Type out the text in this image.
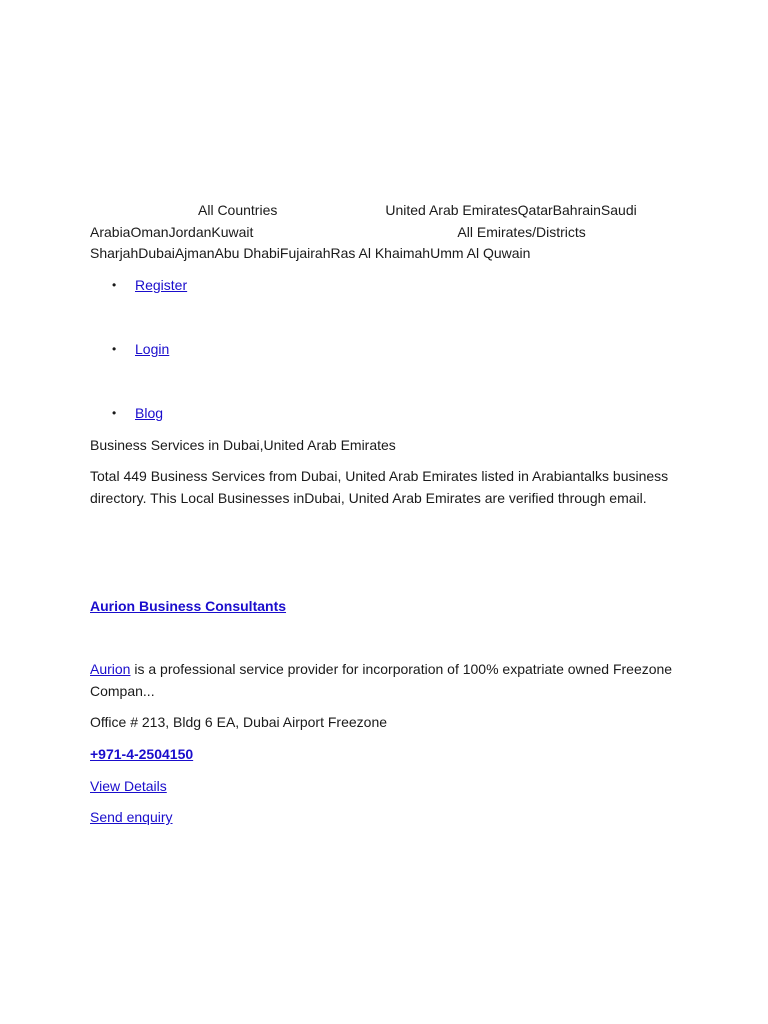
All Countries	United Arab EmiratesQatarBahrainSaudi ArabiaOmanJordanKuwait	All Emirates/Districts
SharjahDubaiAjmanAbu DhabiFujairahRas Al KhaimahUmm Al Quwain
• Register
• Login
• Blog

Business Services in Dubai,United Arab Emirates

Total 449 Business Services from Dubai, United Arab Emirates listed in Arabiantalks business directory. This Local Businesses inDubai, United Arab Emirates are verified through email.

Aurion Business Consultants

Aurion is a professional service provider for incorporation of 100% expatriate owned Freezone Compan...

Office # 213, Bldg 6 EA, Dubai Airport Freezone

+971-4-2504150
View Details
Send enquiry
